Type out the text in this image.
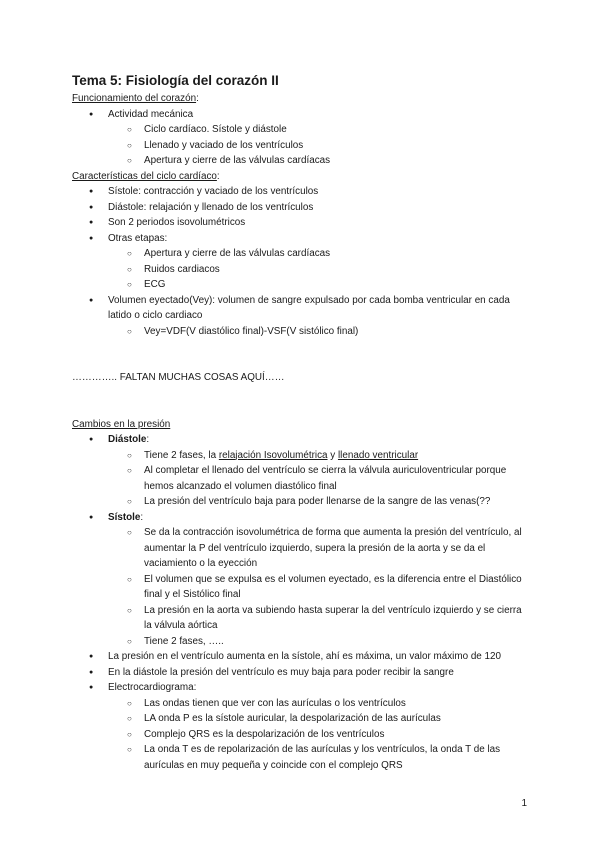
Tema 5: Fisiología del corazón II
Funcionamiento del corazón:
● Actividad mecánica
○ Ciclo cardíaco. Sístole y diástole
○ Llenado y vaciado de los ventrículos
○ Apertura y cierre de las válvulas cardíacas
Características del ciclo cardíaco:
● Sístole: contracción y vaciado de los ventrículos
● Diástole: relajación y llenado de los ventrículos
● Son 2 periodos isovolumétricos
● Otras etapas:
○ Apertura y cierre de las válvulas cardíacas
○ Ruidos cardiacos
○ ECG
● Volumen eyectado(Vey): volumen de sangre expulsado por cada bomba ventricular en cada latido o ciclo cardiaco
○ Vey=VDF(V diastólico final)-VSF(V sistólico final)
………….. FALTAN MUCHAS COSAS AQUÍ……
Cambios en la presión
● Diástole:
○ Tiene 2 fases, la relajación Isovolumétrica y llenado ventricular
○ Al completar el llenado del ventrículo se cierra la válvula auriculoventricular porque hemos alcanzado el volumen diastólico final
○ La presión del ventrículo baja para poder llenarse de la sangre de las venas(??
● Sístole:
○ Se da la contracción isovolumétrica de forma que aumenta la presión del ventrículo, al aumentar la P del ventrículo izquierdo, supera la presión de la aorta y se da el vaciamiento o la eyección
○ El volumen que se expulsa es el volumen eyectado, es la diferencia entre el Diastólico final y el Sistólico final
○ La presión en la aorta va subiendo hasta superar la del ventrículo izquierdo y se cierra la válvula aórtica
○ Tiene 2 fases, …..
● La presión en el ventrículo aumenta en la sístole, ahí es máxima, un valor máximo de 120
● En la diástole la presión del ventrículo es muy baja para poder recibir la sangre
● Electrocardiograma:
○ Las ondas tienen que ver con las aurículas o los ventrículos
○ LA onda P es la sístole auricular, la despolarización de las aurículas
○ Complejo QRS es la despolarización de los ventrículos
○ La onda T es de repolarización de las aurículas y los ventrículos, la onda T de las aurículas en muy pequeña y coincide con el complejo QRS
1
